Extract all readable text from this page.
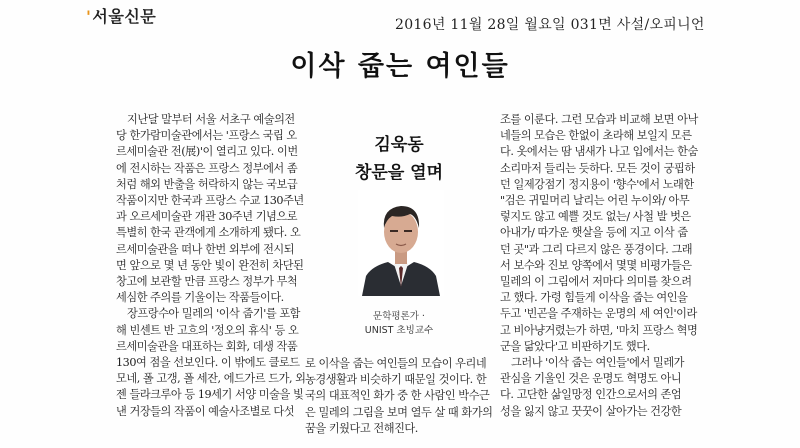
'서울신문	2016년 11월 28일 월요일 031면 사설/오피니언
이삭 줍는 여인들
지난달 말부터 서울 서초구 예술의전
당 한가람미술관에서는 '프랑스 국립 오
르세미술관 전(展)'이 열리고 있다. 이번
에 전시하는 작품은 프랑스 정부에서 좀
처럼 해외 반출을 허락하지 않는 국보급
작품이지만 한국과 프랑스 수교 130주년
과 오르세미술관 개관 30주년 기념으로
특별히 한국 관객에게 소개하게 됐다. 오
르세미술관을 떠나 한번 외부에 전시되
면 앞으로 몇 년 동안 빛이 완전히 차단된
창고에 보관할 만큼 프랑스 정부가 무척
세심한 주의를 기울이는 작품들이다.
장프랑수아 밀레의 '이삭 줍기'를 포함
해 빈센트 반 고흐의 '정오의 휴식' 등 오
르세미술관을 대표하는 회화, 데생 작품
130여 점을 선보인다. 이 밖에도 클로드
모네, 폴 고갱, 폴 세잔, 에드가르 드가, 외
젠 들라크루아 등 19세기 서양 미술을 빛
낸 거장들의 작품이 예술사조별로 다섯
김욱동
창문을 열며
문학평론가 ·
UNIST 초빙교수
로 이삭을 줍는 여인들의 모습이 우리네
농경생활과 비슷하기 때문일 것이다. 한
국의 대표적인 화가 중 한 사람인 박수근
은 밀레의 그림을 보며 열두 살 때 화가의
꿈을 키웠다고 전해진다.
조를 이룬다. 그런 모습과 비교해 보면 아낙
네들의 모습은 한없이 초라해 보일지 모른
다. 옷에서는 땀 냄새가 나고 입에서는 한숨
소리마저 들리는 듯하다. 모든 것이 궁핍하
던 일제강점기 정지용이 '향수'에서 노래한
"검은 귀밑머리 날리는 어린 누이와/ 아무
렇지도 않고 예쁠 것도 없는/ 사철 발 벗은
아내가/ 따가운 햇살을 등에 지고 이삭 줍
던 곳"과 그리 다르지 않은 풍경이다. 그래
서 보수와 진보 양쪽에서 몇몇 비평가들은
밀레의 이 그림에서 저마다 의미를 찾으려
고 했다. 가령 힘들게 이삭을 줍는 여인을
두고 '빈곤을 주재하는 운명의 세 여인'이라
고 비아냥거렸는가 하면, '마치 프랑스 혁명
군을 닮았다'고 비판하기도 했다.
그러나 '이삭 줍는 여인들'에서 밀레가
관심을 기울인 것은 운명도 혁명도 아니
다. 고단한 삶일망정 인간으로서의 존엄
성을 잃지 않고 꿋꿋이 살아가는 건강한
